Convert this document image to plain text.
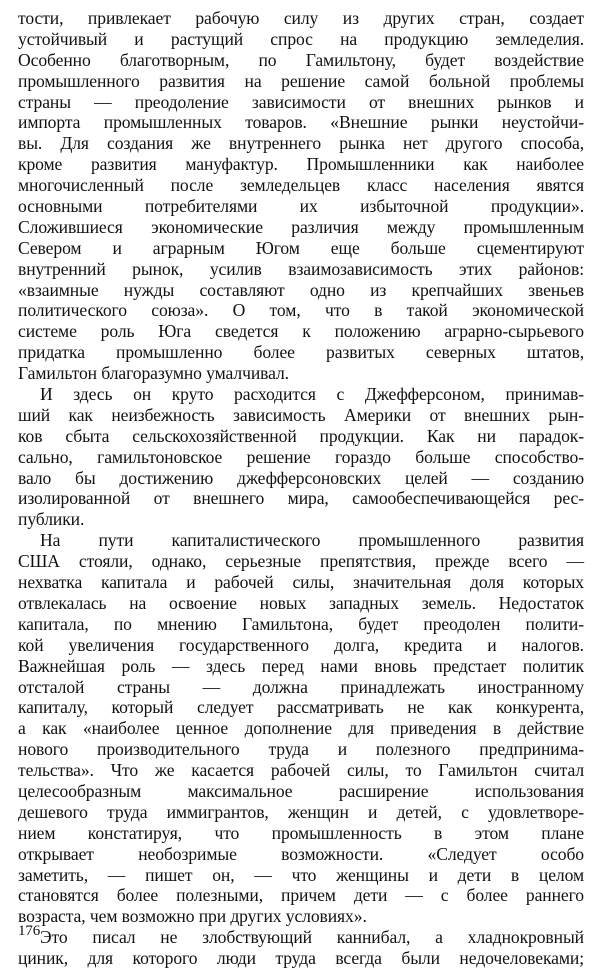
тости, привлекает рабочую силу из других стран, создает
устойчивый и растущий спрос на продукцию земледелия.
Особенно благотворным, по Гамильтону, будет воздействие
промышленного развития на решение самой больной проблемы
страны — преодоление зависимости от внешних рынков и
импорта промышленных товаров. «Внешние рынки неустойчи-
вы. Для создания же внутреннего рынка нет другого способа,
кроме развития мануфактур. Промышленники как наиболее
многочисленный после земледельцев класс населения явятся
основными потребителями их избыточной продукции».
Сложившиеся экономические различия между промышленным
Севером и аграрным Югом еще больше сцементируют
внутренний рынок, усилив взаимозависимость этих районов:
«взаимные нужды составляют одно из крепчайших звеньев
политического союза». О том, что в такой экономической
системе роль Юга сведется к положению аграрно-сырьевого
придатка промышленно более развитых северных штатов,
Гамильтон благоразумно умалчивал.
И здесь он круто расходится с Джефферсоном, принимав-
ший как неизбежность зависимость Америки от внешних рын-
ков сбыта сельскохозяйственной продукции. Как ни парадок-
сально, гамильтоновское решение гораздо больше способство-
вало бы достижению джефферсоновских целей — созданию
изолированной от внешнего мира, самообеспечивающейся рес-
публики.
На пути капиталистического промышленного развития
США стояли, однако, серьезные препятствия, прежде всего —
нехватка капитала и рабочей силы, значительная доля которых
отвлекалась на освоение новых западных земель. Недостаток
капитала, по мнению Гамильтона, будет преодолен полити-
кой увеличения государственного долга, кредита и налогов.
Важнейшая роль — здесь перед нами вновь предстает политик
отсталой страны — должна принадлежать иностранному
капиталу, который следует рассматривать не как конкурента,
а как «наиболее ценное дополнение для приведения в действие
нового производительного труда и полезного предпринима-
тельства». Что же касается рабочей силы, то Гамильтон считал
целесообразным максимальное расширение использования
дешевого труда иммигрантов, женщин и детей, с удовлетворе-
нием констатируя, что промышленность в этом плане
открывает необозримые возможности. «Следует особо
заметить, — пишет он, — что женщины и дети в целом
становятся более полезными, причем дети — с более раннего
возраста, чем возможно при других условиях».
Это писал не злобствующий каннибал, а хладнокровный
циник, для которого люди труда всегда были недочеловеками;
176
